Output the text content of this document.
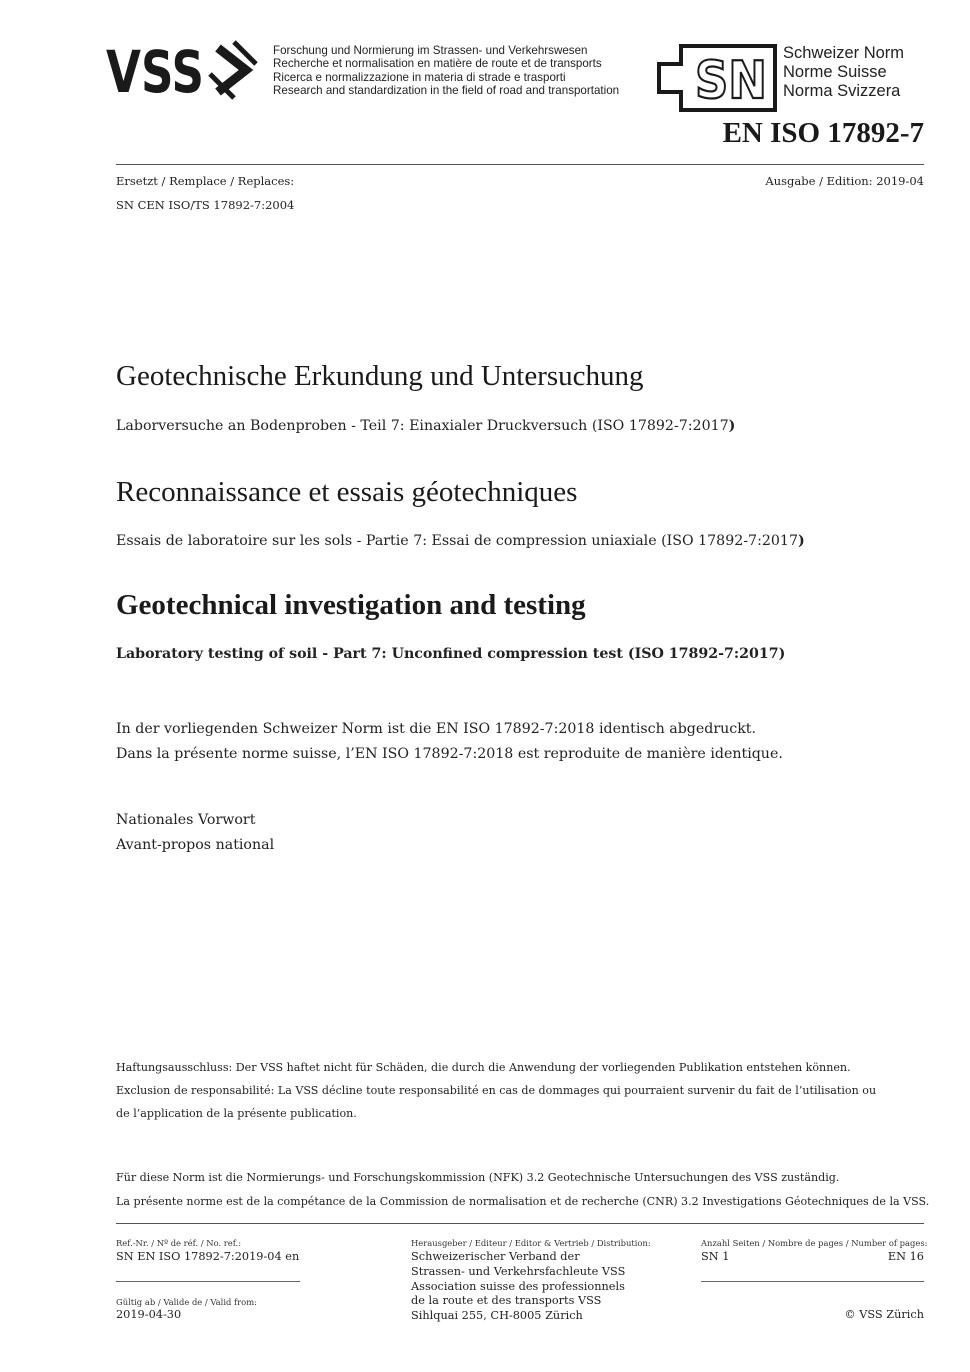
VSS	Forschung und Normierung im Strassen- und Verkehrswesen
Recherche et normalisation en matière de route et de transports
Ricerca e normalizzazione in materia di strade e trasporti
Research and standardization in the field of road and transportation SN Schweizer Norm
Norme Suisse
Norma Svizzera
EN ISO 17892-7
Ersetzt / Remplace / Replaces:
SN CEN ISO/TS 17892-7:2004
Ausgabe / Edition: 2019-04
Geotechnische Erkundung und Untersuchung
Laborversuche an Bodenproben - Teil 7: Einaxialer Druckversuch (ISO 17892-7:2017)
Reconnaissance et essais géotechniques
Essais de laboratoire sur les sols - Partie 7: Essai de compression uniaxiale (ISO 17892-7:2017)
Geotechnical investigation and testing
Laboratory testing of soil - Part 7: Unconfined compression test (ISO 17892-7:2017)
In der vorliegenden Schweizer Norm ist die EN ISO 17892-7:2018 identisch abgedruckt.
Dans la présente norme suisse, l’EN ISO 17892-7:2018 est reproduite de manière identique.
Nationales Vorwort
Avant-propos national
Haftungsausschluss: Der VSS haftet nicht für Schäden, die durch die Anwendung der vorliegenden Publikation entstehen können.
Exclusion de responsabilité: La VSS décline toute responsabilité en cas de dommages qui pourraient survenir du fait de l’utilisation ou
de l’application de la présente publication.
Für diese Norm ist die Normierungs- und Forschungskommission (NFK) 3.2 Geotechnische Untersuchungen des VSS zuständig.
La présente norme est de la compétance de la Commission de normalisation et de recherche (CNR) 3.2 Investigations Géotechniques de la VSS.
Ref.-Nr. / Nº de réf. / No. ref.:
SN EN ISO 17892-7:2019-04 en
Gültig ab / Valide de / Valid from:
2019-04-30
Herausgeber / Editeur / Editor & Vertrieb / Distribution:
Schweizerischer Verband der
Strassen- und Verkehrsfachleute VSS
Association suisse des professionnels
de la route et des transports VSS
Sihlquai 255, CH-8005 Zürich
Anzahl Seiten / Nombre de pages / Number of pages:
SN 1	EN 16
© VSS Zürich
